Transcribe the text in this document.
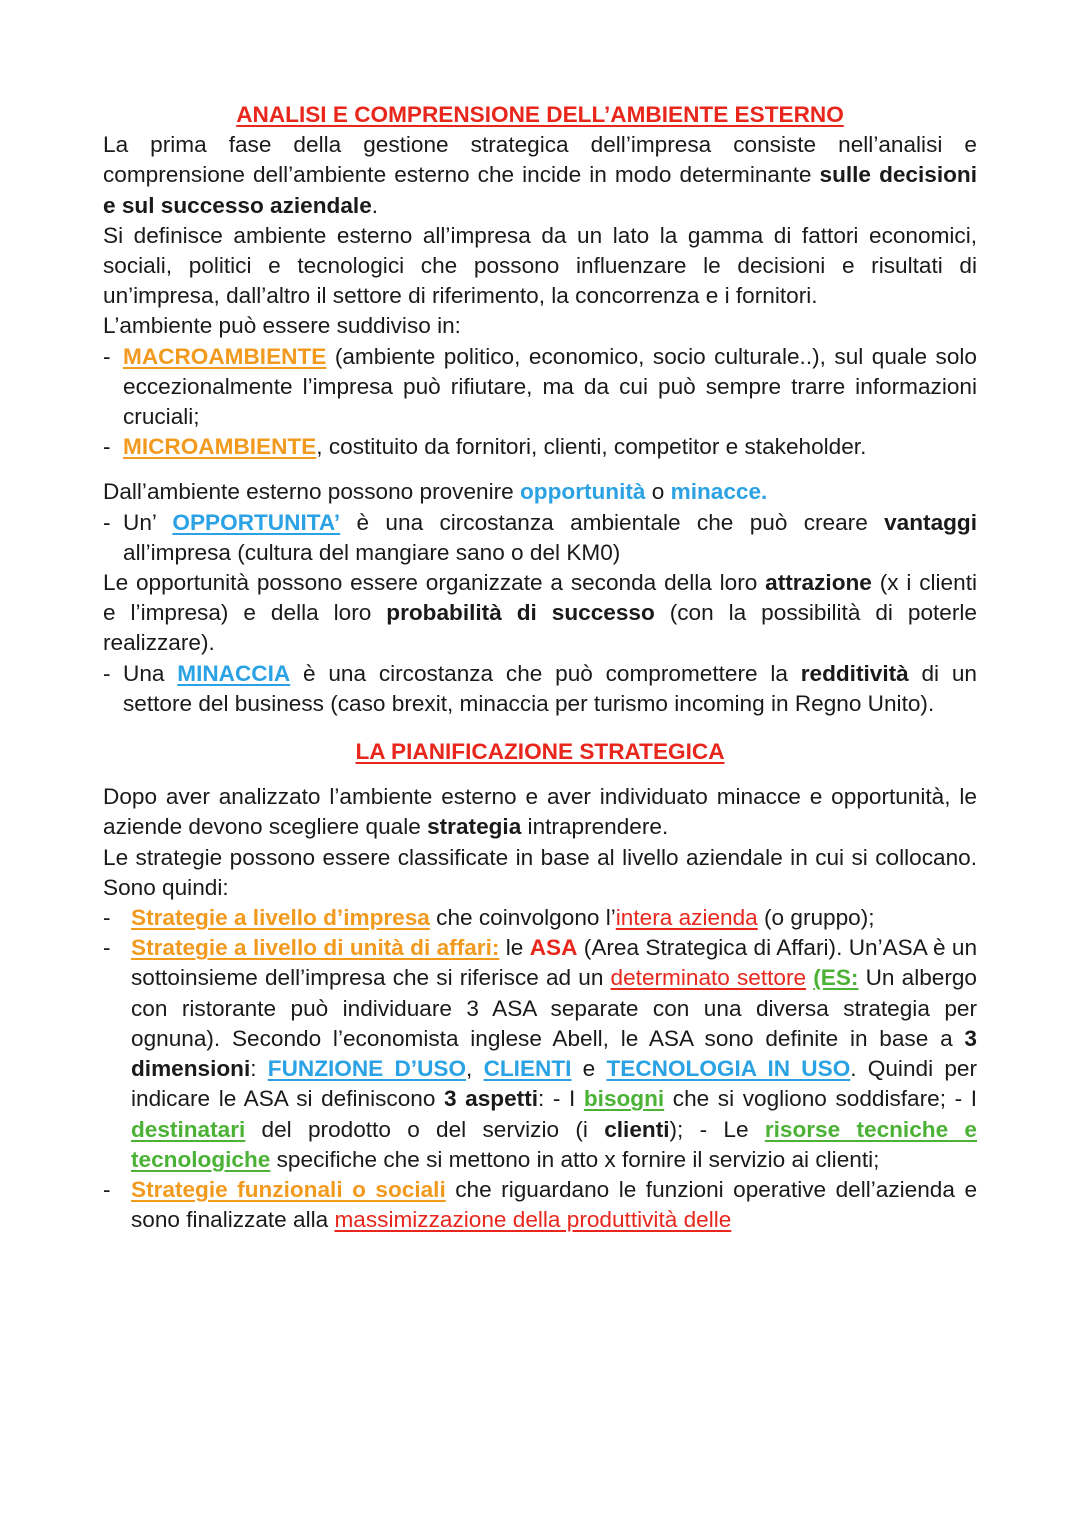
ANALISI E COMPRENSIONE DELL’AMBIENTE ESTERNO

La prima fase della gestione strategica dell’impresa consiste nell’analisi e comprensione dell’ambiente esterno che incide in modo determinante sulle decisioni e sul successo aziendale.

Si definisce ambiente esterno all’impresa da un lato la gamma di fattori economici, sociali, politici e tecnologici che possono influenzare le decisioni e risultati di un’impresa, dall’altro il settore di riferimento, la concorrenza e i fornitori.

L’ambiente può essere suddiviso in:

- MACROAMBIENTE (ambiente politico, economico, socio culturale..), sul quale solo eccezionalmente l’impresa può rifiutare, ma da cui può sempre trarre informazioni cruciali;
- MICROAMBIENTE, costituito da fornitori, clienti, competitor e stakeholder.

Dall’ambiente esterno possono provenire opportunità o minacce.

- Un’ OPPORTUNITA’ è una circostanza ambientale che può creare vantaggi all’impresa (cultura del mangiare sano o del KM0)

Le opportunità possono essere organizzate a seconda della loro attrazione (x i clienti e l’impresa) e della loro probabilità di successo (con la possibilità di poterle realizzare).

- Una MINACCIA è una circostanza che può compromettere la redditività di un settore del business (caso brexit, minaccia per turismo incoming in Regno Unito).
LA PIANIFICAZIONE STRATEGICA

Dopo aver analizzato l’ambiente esterno e aver individuato minacce e opportunità, le aziende devono scegliere quale strategia intraprendere.

Le strategie possono essere classificate in base al livello aziendale in cui si collocano. Sono quindi:

- Strategie a livello d’impresa che coinvolgono l’intera azienda (o gruppo);
- Strategie a livello di unità di affari: le ASA (Area Strategica di Affari). Un’ASA è un sottoinsieme dell’impresa che si riferisce ad un determinato settore (ES: Un albergo con ristorante può individuare 3 ASA separate con una diversa strategia per ognuna). Secondo l’economista inglese Abell, le ASA sono definite in base a 3 dimensioni: FUNZIONE D’USO, CLIENTI e TECNOLOGIA IN USO. Quindi per indicare le ASA si definiscono 3 aspetti: - I bisogni che si vogliono soddisfare; - I destinatari del prodotto o del servizio (i clienti); - Le risorse tecniche e tecnologiche specifiche che si mettono in atto x fornire il servizio ai clienti;
- Strategie funzionali o sociali che riguardano le funzioni operative dell’azienda e sono finalizzate alla massimizzazione della produttività delle
